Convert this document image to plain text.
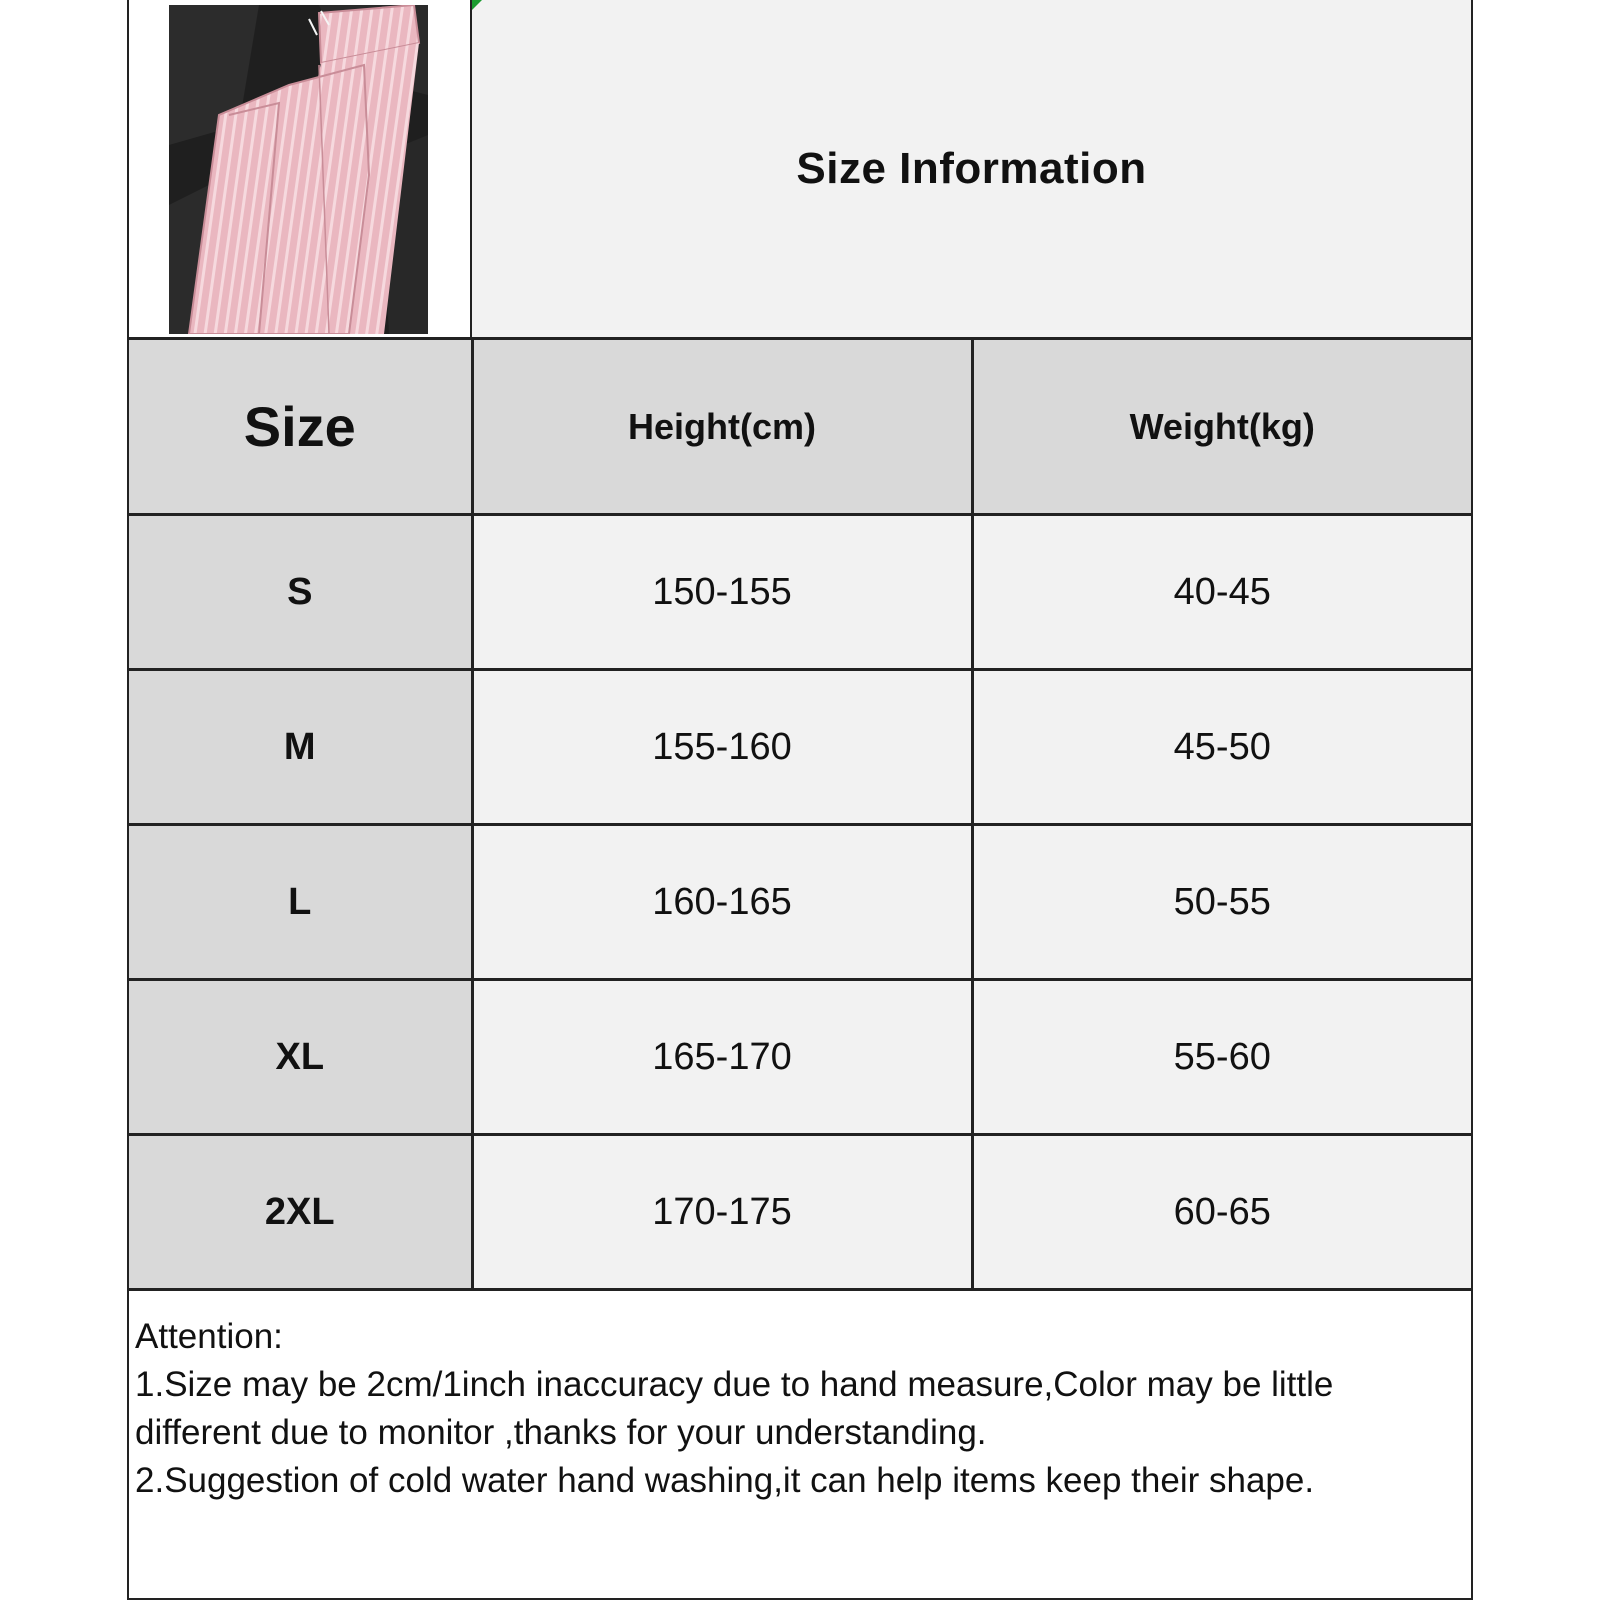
Size Information
Size	Height(cm)	Weight(kg)
S	150-155	40-45
M	155-160	45-50
L	160-165	50-55
XL	165-170	55-60
2XL	170-175	60-65
Attention:
1.Size may be 2cm/1inch inaccuracy due to hand measure,Color may be little
different due to monitor ,thanks for your understanding.
2.Suggestion of cold water hand washing,it can help items keep their shape.
